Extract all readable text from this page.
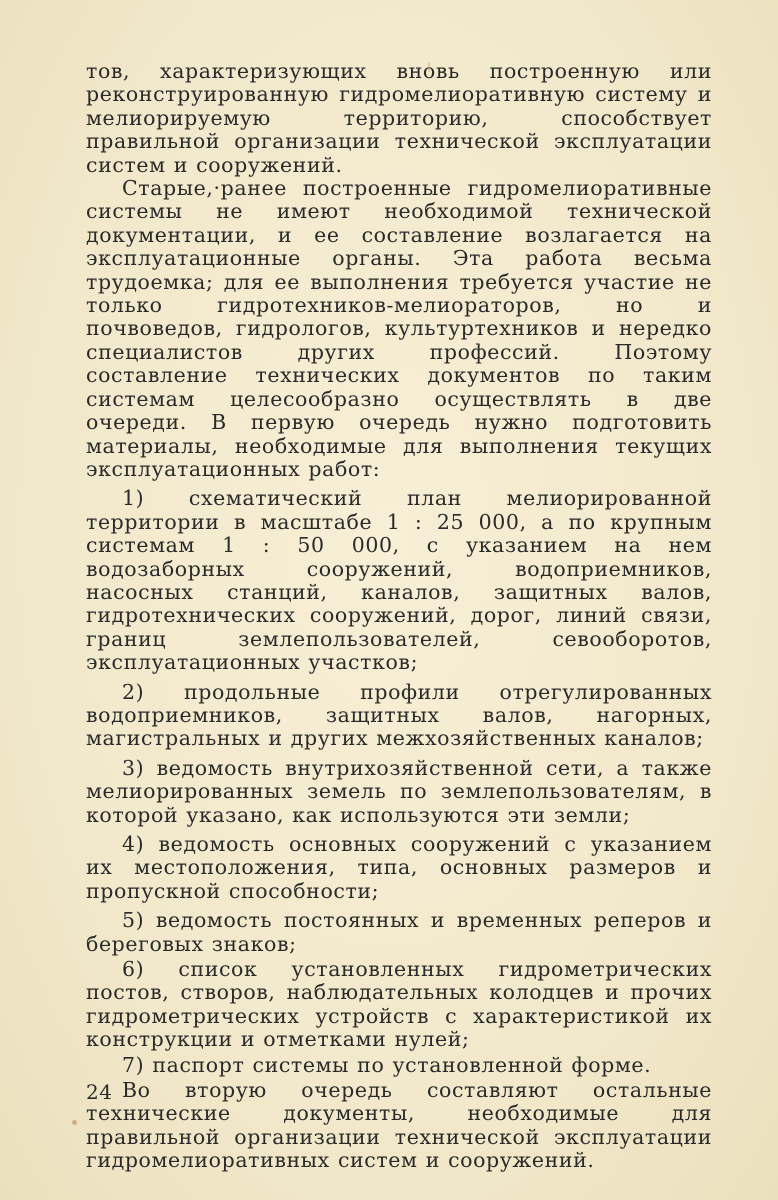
тов, характеризующих вновь построенную или реконструированную гидромелиоративную систему и мелиорируемую территорию, способствует правильной организации технической эксплуатации систем и сооружений.

Старые,·ранее построенные гидромелиоративные системы не имеют необходимой технической документации, и ее составление возлагается на эксплуатационные органы. Эта работа весьма трудоемка; для ее выполнения требуется участие не только гидротехников-мелиораторов, но и почвоведов, гидрологов, культуртехников и нередко специалистов других профессий. Поэтому составление технических документов по таким системам целесообразно осуществлять в две очереди. В первую очередь нужно подготовить материалы, необходимые для выполнения текущих эксплуатационных работ:

1) схематический план мелиорированной территории в масштабе 1 : 25 000, а по крупным системам 1 : 50 000, с указанием на нем водозаборных сооружений, водоприемников, насосных станций, каналов, защитных валов, гидротехнических сооружений, дорог, линий связи, границ землепользователей, севооборотов, эксплуатационных участков;

2) продольные профили отрегулированных водоприемников, защитных валов, нагорных, магистральных и других межхозяйственных каналов;

3) ведомость внутрихозяйственной сети, а также мелиорированных земель по землепользователям, в которой указано, как используются эти земли;

4) ведомость основных сооружений с указанием их местоположения, типа, основных размеров и пропускной способности;

5) ведомость постоянных и временных реперов и береговых знаков;

6) список установленных гидрометрических постов, створов, наблюдательных колодцев и прочих гидрометрических устройств с характеристикой их конструкции и отметками нулей;

7) паспорт системы по установленной форме.

Во вторую очередь составляют остальные технические документы, необходимые для правильной организации технической эксплуатации гидромелиоративных систем и сооружений.

24
